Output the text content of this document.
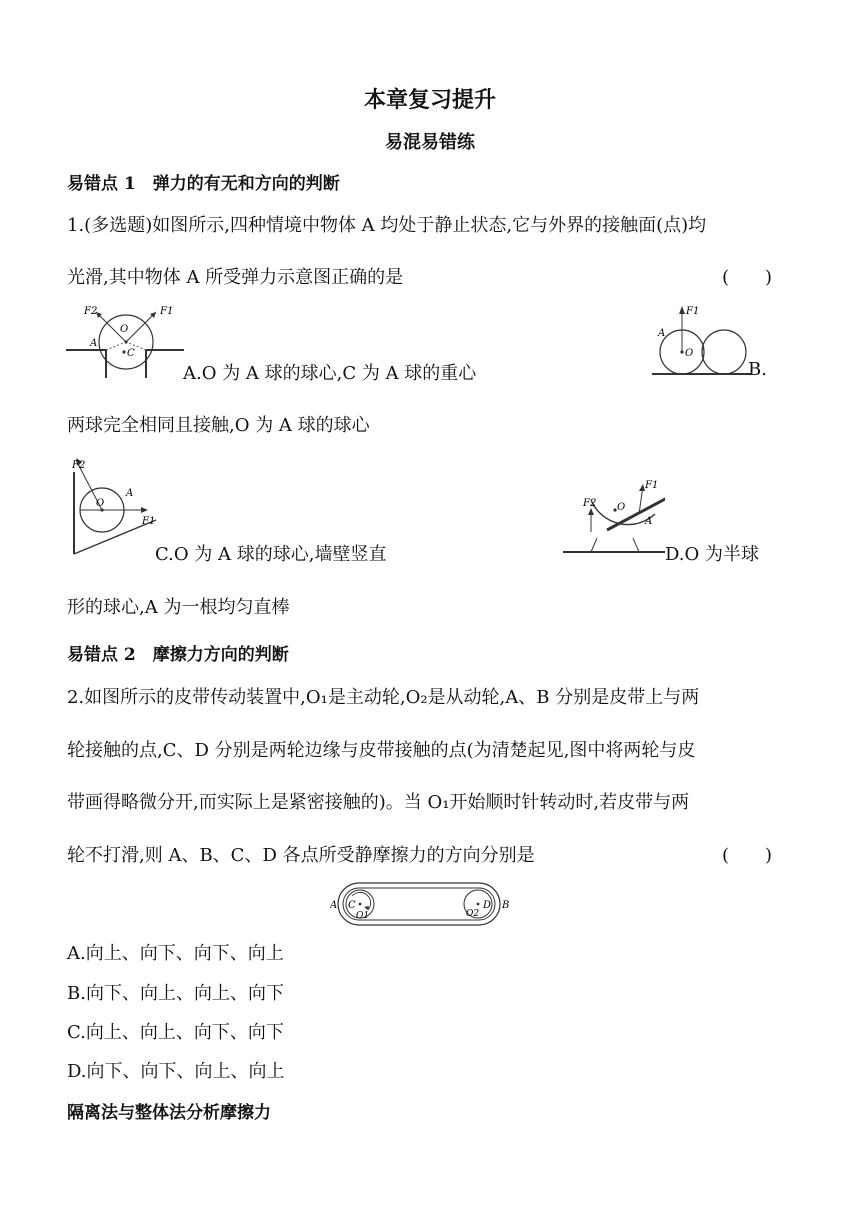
本章复习提升
易混易错练
易错点 1　弹力的有无和方向的判断
1.(多选题)如图所示,四种情境中物体 A 均处于静止状态,它与外界的接触面(点)均
光滑,其中物体 A 所受弹力示意图正确的是	(　　)
F2	F1
O
A
C
A.O 为 A 球的球心,C 为 A 球的重心
F1
A
O
B.
两球完全相同且接触,O 为 A 球的球心
F2
O
A
F1
C.O 为 A 球的球心,墙壁竖直
F2 O
F1
A
D.O 为半球
形的球心,A 为一根均匀直棒
易错点 2　摩擦力方向的判断
2.如图所示的皮带传动装置中,O₁是主动轮,O₂是从动轮,A、B 分别是皮带上与两
轮接触的点,C、D 分别是两轮边缘与皮带接触的点(为清楚起见,图中将两轮与皮
带画得略微分开,而实际上是紧密接触的)。当 O₁开始顺时针转动时,若皮带与两
轮不打滑,则 A、B、C、D 各点所受静摩擦力的方向分别是	(　　)
A C
O1	O2
D B
A.向上、向下、向下、向上
B.向下、向上、向上、向下
C.向上、向上、向下、向下
D.向下、向下、向上、向上
隔离法与整体法分析摩擦力
